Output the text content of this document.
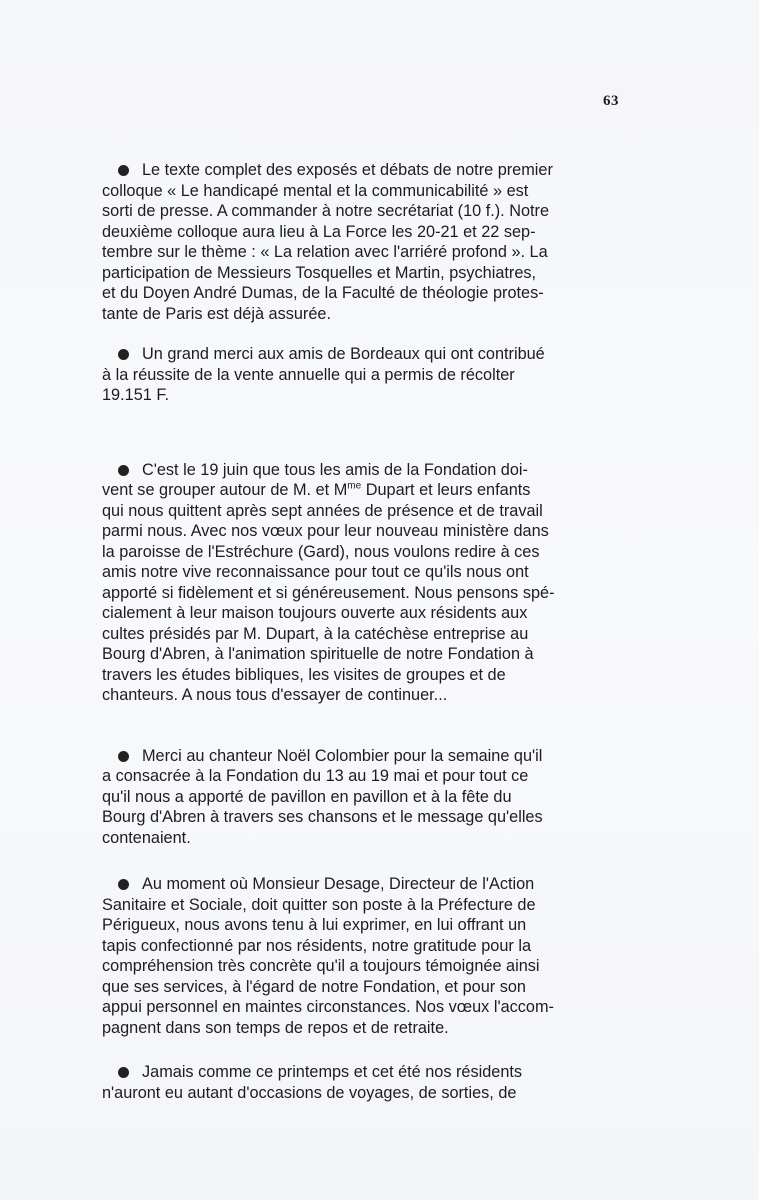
63

Le texte complet des exposés et débats de notre premier
colloque « Le handicapé mental et la communicabilité » est
sorti de presse. A commander à notre secrétariat (10 f.). Notre
deuxième colloque aura lieu à La Force les 20-21 et 22 sep-
tembre sur le thème : « La relation avec l'arriéré profond ». La
participation de Messieurs Tosquelles et Martin, psychiatres,
et du Doyen André Dumas, de la Faculté de théologie protes-
tante de Paris est déjà assurée.

Un grand merci aux amis de Bordeaux qui ont contribué
à la réussite de la vente annuelle qui a permis de récolter
19.151 F.

C'est le 19 juin que tous les amis de la Fondation doi-
vent se grouper autour de M. et $M^{me}$ Dupart et leurs enfants
qui nous quittent après sept années de présence et de travail
parmi nous. Avec nos vœux pour leur nouveau ministère dans
la paroisse de l'Estréchure (Gard), nous voulons redire à ces
amis notre vive reconnaissance pour tout ce qu'ils nous ont
apporté si fidèlement et si généreusement. Nous pensons spé-
cialement à leur maison toujours ouverte aux résidents aux
cultes présidés par M. Dupart, à la catéchèse entreprise au
Bourg d'Abren, à l'animation spirituelle de notre Fondation à
travers les études bibliques, les visites de groupes et de
chanteurs. A nous tous d'essayer de continuer...

Merci au chanteur Noël Colombier pour la semaine qu'il
a consacrée à la Fondation du 13 au 19 mai et pour tout ce
qu'il nous a apporté de pavillon en pavillon et à la fête du
Bourg d'Abren à travers ses chansons et le message qu'elles
contenaient.

Au moment où Monsieur Desage, Directeur de l'Action
Sanitaire et Sociale, doit quitter son poste à la Préfecture de
Périgueux, nous avons tenu à lui exprimer, en lui offrant un
tapis confectionné par nos résidents, notre gratitude pour la
compréhension très concrète qu'il a toujours témoignée ainsi
que ses services, à l'égard de notre Fondation, et pour son
appui personnel en maintes circonstances. Nos vœux l'accom-
pagnent dans son temps de repos et de retraite.

Jamais comme ce printemps et cet été nos résidents
n'auront eu autant d'occasions de voyages, de sorties, de
